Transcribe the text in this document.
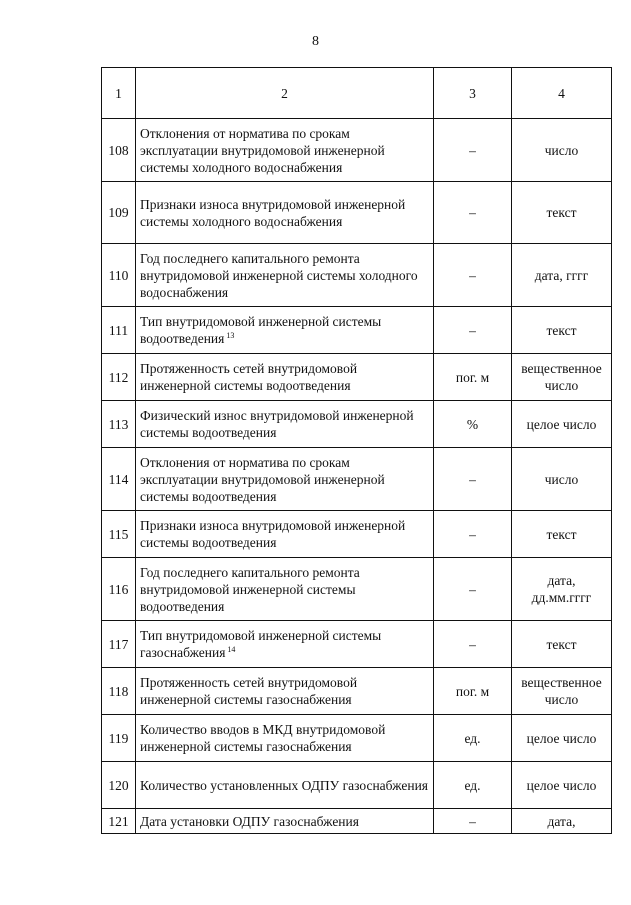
8
1	2	3	4
108	Отклонения от норматива по срокам эксплуатации внутридомовой инженерной системы холодного водоснабжения	–	число
109	Признаки износа внутридомовой инженерной системы холодного водоснабжения	–	текст
110	Год последнего капитального ремонта внутридомовой инженерной системы холодного водоснабжения	–	дата, гггг
111	Тип внутридомовой инженерной системы водоотведения $^{13}$	–	текст
112	Протяженность сетей внутридомовой инженерной системы водоотведения	пог. м	вещественное число
113	Физический износ внутридомовой инженерной системы водоотведения	%	целое число
114	Отклонения от норматива по срокам эксплуатации внутридомовой инженерной системы водоотведения	–	число
115	Признаки износа внутридомовой инженерной системы водоотведения	–	текст
116	Год последнего капитального ремонта внутридомовой инженерной системы водоотведения	–	дата, дд.мм.гггг
117	Тип внутридомовой инженерной системы газоснабжения $^{14}$	–	текст
118	Протяженность сетей внутридомовой инженерной системы газоснабжения	пог. м	вещественное число
119	Количество вводов в МКД внутридомовой инженерной системы газоснабжения	ед.	целое число
120	Количество установленных ОДПУ газоснабжения	ед.	целое число
121	Дата установки ОДПУ газоснабжения	–	дата,
